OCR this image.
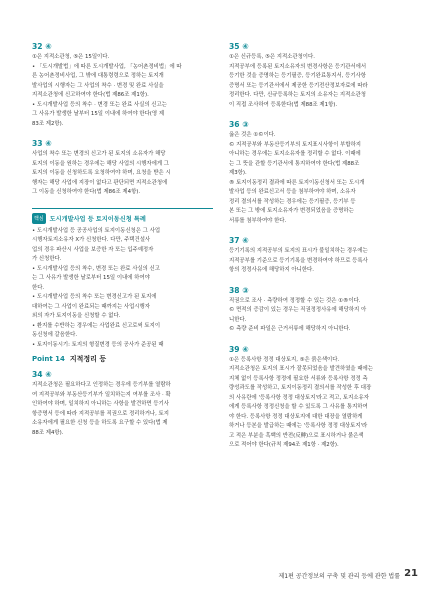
32 ④
①은 지적소관청, ⑤은 15일이다.
• 「도시개발법」에 따른 도시개발사업, 「농어촌정비법」에 따
른 농어촌정비사업, 그 밖에 대통령령으로 정하는 토지개
발사업의 시행자는 그 사업의 착수 · 변경 및 완료 사실을
지적소관청에 신고하여야 한다(법 제86조 제1항).
• 도시개발사업 등의 착수 · 변경 또는 완료 사실의 신고는
그 사유가 발생한 날부터 15일 이내에 하여야 한다(영 제
83조 제2항).
33 ④
사업의 착수 또는 변경의 신고가 된 토지의 소유자가 해당
토지의 이동을 원하는 경우에는 해당 사업의 시행자에게 그
토지의 이동을 신청하도록 요청하여야 하며, 요청을 받은 시
행자는 해당 사업에 지장이 없다고 판단되면 지적소관청에
그 이동을 신청하여야 한다(법 제86조 제4항).
핵심 도시개발사업 등 토지이동신청 특례
• 도시개발사업 등 공공사업의 토지이동신청은 그 사업
시행자토지소유자 X가 신청한다. 다만, 주택건설사
업의 경우 파산시 사업을 보증한 자 또는 입주예정자
가 신청한다.
• 도시개발사업 등의 착수, 변경 또는 완료 사실의 신고
는 그 사유가 발생한 날로부터 15일 이내에 하여야
한다.
• 도시개발사업 등의 착수 또는 변경신고가 된 토지에
대하여는 그 사업이 완료되는 때까지는 사업시행자
외의 자가 토지이동을 신청할 수 없다.
• 환지를 수반하는 경우에는 사업완료 신고로써 토지이
동신청에 갈음한다.
• 토지이동시기: 토지의 형질변경 등의 공사가 준공된 때
Point 14 지적정리 등
34 ④
지적소관청은 필요하다고 인정하는 경우에 등기부를 열람하
여 지적공부와 부동산등기부가 일치하는지 여부를 조사 · 확
인하여야 하며, 일치하지 아니하는 사항을 발견하면 등기사
항증명서 등에 따라 지적공부를 직권으로 정리하거나, 토지
소유자에게 필요한 신청 등을 하도록 요구할 수 있다(법 제
88조 제4항).
35 ④
①은 신규등록, ⑤은 지적소관청이다.
지적공부에 등록된 토지소유자의 변경사항은 등기관서에서
등기한 것을 증명하는 등기필증, 등기완료통지서, 등기사항
증명서 또는 등기관서에서 제공한 등기전산정보자료에 따라
정리한다. 다만, 신규등록하는 토지의 소유자는 지적소관청
이 직접 조사하여 등록한다(법 제88조 제1항).
36 ③
옳은 것은 ①©이다.
© 지적공부와 부동산등기부의 토지표시사항이 부합하지
아니하는 경우에는 토지소유자를 정리할 수 없다. 이때에
는 그 뜻을 관할 등기관서에 통지하여야 한다(법 제88조
제3항).
® 토지이동정리 결과에 따른 토지이동신청서 또는 도시개
발사업 등의 완료신고서 등을 첨부하여야 하며, 소유자
정리 결의서를 작성하는 경우에는 등기필증, 등기부 등
본 또는 그 밖에 토지소유자가 변경되었음을 증명하는
서류를 첨부하여야 한다.
37 ④
등기기록의 지적공부의 토지의 표시가 불일치하는 경우에는
지적공부를 기준으로 등기기록을 변경하여야 하므로 등록사
항의 정정사유에 해당하지 아니한다.
38 ③
직권으로 조사 · 측량하여 정정할 수 있는 것은 ①®이다.
© 면적의 증감이 있는 경우는 직권정정사유에 해당하지 아
니한다.
© 측량 준비 파일은 근거서류에 해당하지 아니한다.
39 ④
①은 등록사항 정정 대상토지, ⑤은 붉은색이다.
지적소관청은 토지의 표시가 잘못되었음을 발견하였을 때에는
지체 없이 등록사항 정정에 필요한 서류와 등록사항 정정 측
량성과도를 작성하고, 토지이동정리 결의서를 작성한 후 대장
의 사유란에 '등록사항 정정 대상토지'라고 적고, 토지소유자
에게 등록사항 정정신청을 할 수 있도록 그 사유를 통지하여
야 한다. 등록사항 정정 대상토지에 대한 대장을 열람하게
하거나 등본을 발급하는 때에는 '등록사항 정정 대상토지'라
고 적은 부분을 흑백의 반전(反轉)으로 표시하거나 붉은색
으로 적어야 한다(규칙 제94조 제1항 · 제2항).
제1편 공간정보의 구축 및 관리 등에 관한 법률 21
